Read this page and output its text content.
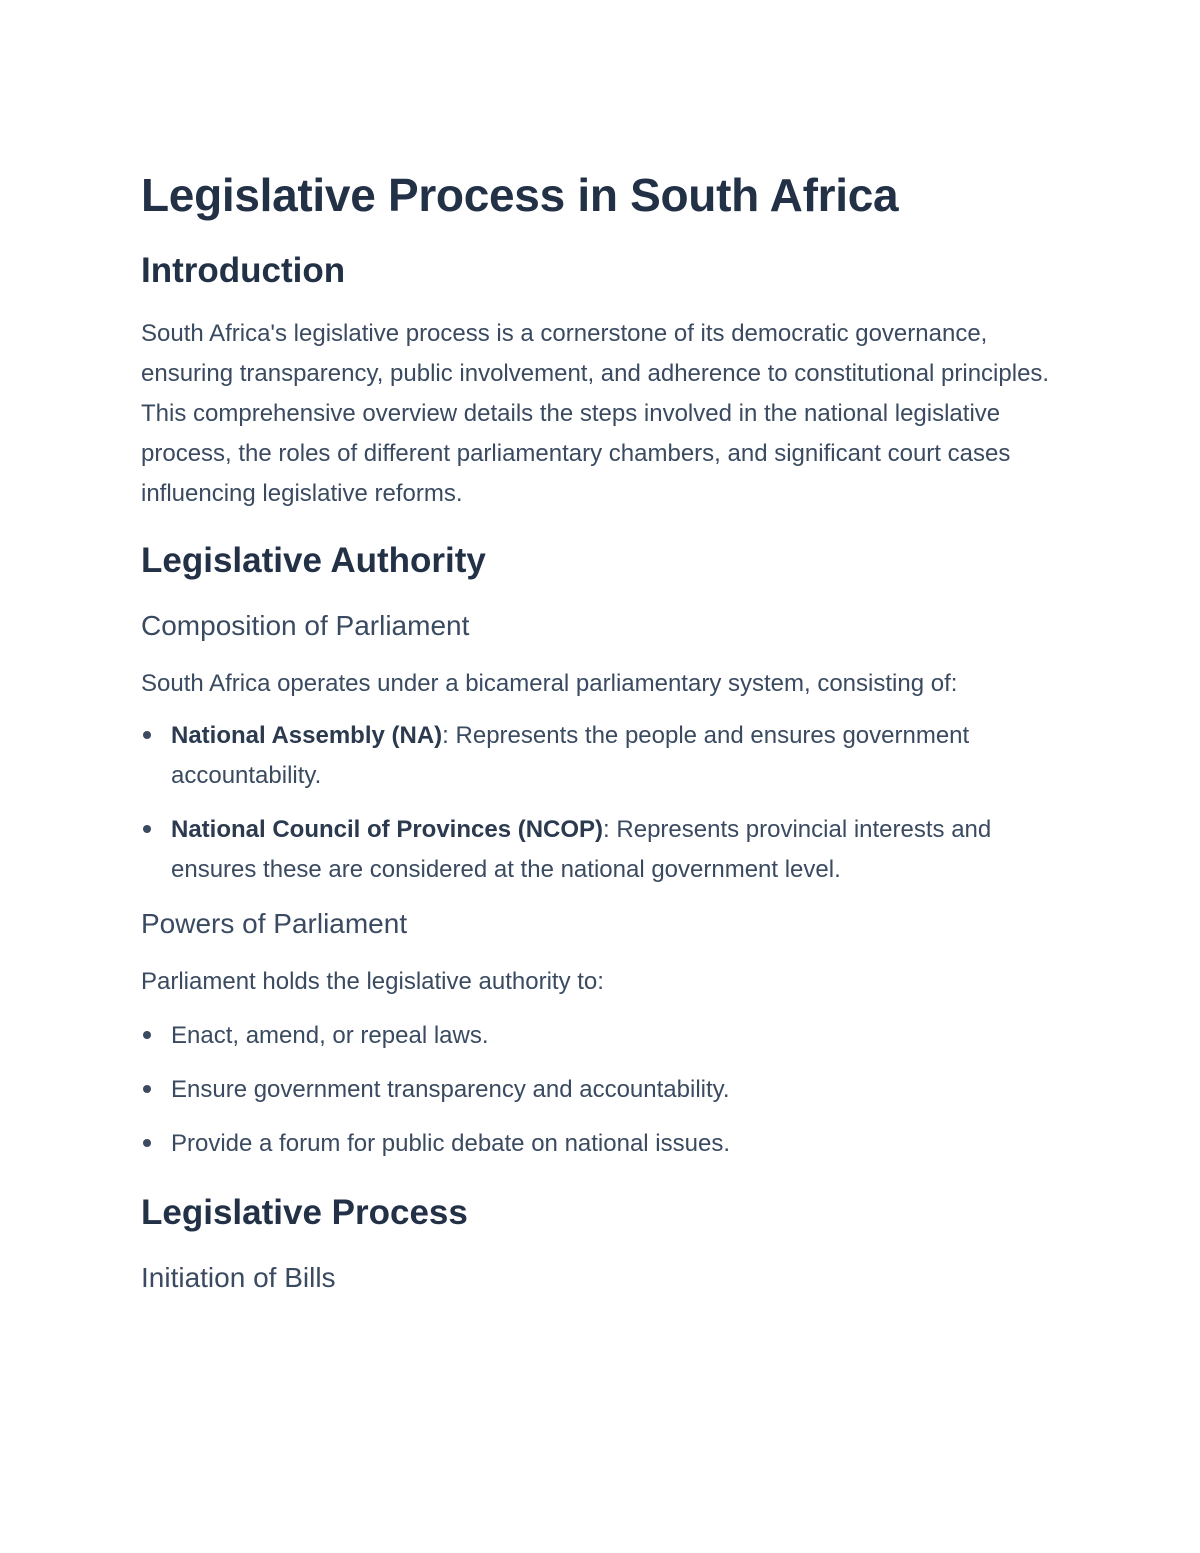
Legislative Process in South Africa
Introduction

South Africa's legislative process is a cornerstone of its democratic governance, ensuring transparency, public involvement, and adherence to constitutional principles. This comprehensive overview details the steps involved in the national legislative process, the roles of different parliamentary chambers, and significant court cases influencing legislative reforms.

Legislative Authority
Composition of Parliament

South Africa operates under a bicameral parliamentary system, consisting of:

National Assembly (NA): Represents the people and ensures government accountability.
National Council of Provinces (NCOP): Represents provincial interests and ensures these are considered at the national government level.
Powers of Parliament

Parliament holds the legislative authority to:

Enact, amend, or repeal laws.
Ensure government transparency and accountability.
Provide a forum for public debate on national issues.
Legislative Process
Initiation of Bills
